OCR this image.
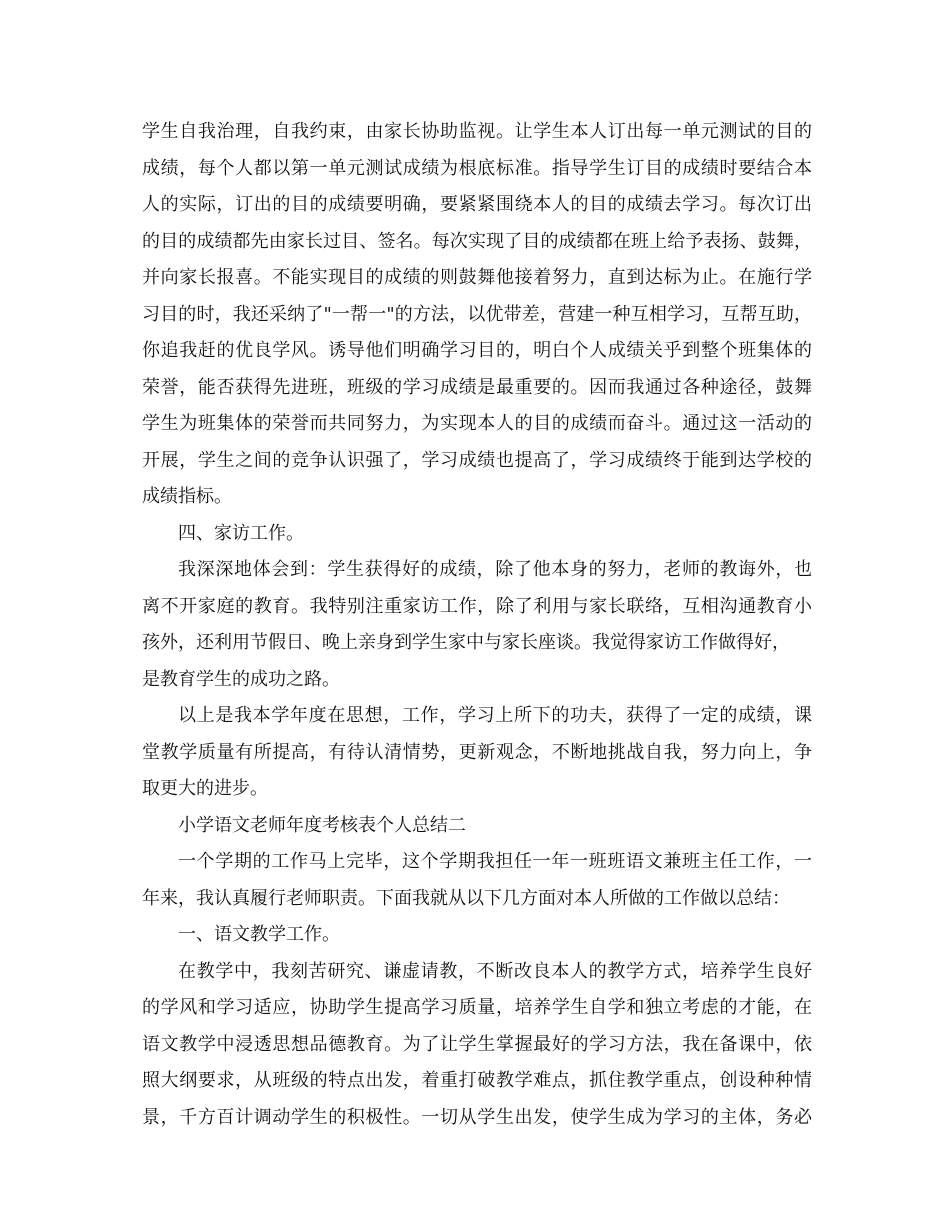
学生自我治理，自我约束，由家长协助监视。让学生本人订出每一单元测试的目的
成绩，每个人都以第一单元测试成绩为根底标准。指导学生订目的成绩时要结合本
人的实际，订出的目的成绩要明确，要紧紧围绕本人的目的成绩去学习。每次订出
的目的成绩都先由家长过目、签名。每次实现了目的成绩都在班上给予表扬、鼓舞，
并向家长报喜。不能实现目的成绩的则鼓舞他接着努力，直到达标为止。在施行学
习目的时，我还采纳了"一帮一"的方法，以优带差，营建一种互相学习，互帮互助，
你追我赶的优良学风。诱导他们明确学习目的，明白个人成绩关乎到整个班集体的
荣誉，能否获得先进班，班级的学习成绩是最重要的。因而我通过各种途径，鼓舞
学生为班集体的荣誉而共同努力，为实现本人的目的成绩而奋斗。通过这一活动的
开展，学生之间的竞争认识强了，学习成绩也提高了，学习成绩终于能到达学校的
成绩指标。
四、家访工作。
我深深地体会到：学生获得好的成绩，除了他本身的努力，老师的教诲外，也
离不开家庭的教育。我特别注重家访工作，除了利用与家长联络，互相沟通教育小
孩外，还利用节假日、晚上亲身到学生家中与家长座谈。我觉得家访工作做得好，
是教育学生的成功之路。
以上是我本学年度在思想，工作，学习上所下的功夫，获得了一定的成绩，课
堂教学质量有所提高，有待认清情势，更新观念，不断地挑战自我，努力向上，争
取更大的进步。
小学语文老师年度考核表个人总结二
一个学期的工作马上完毕，这个学期我担任一年一班班语文兼班主任工作，一
年来，我认真履行老师职责。下面我就从以下几方面对本人所做的工作做以总结：
一、语文教学工作。
在教学中，我刻苦研究、谦虚请教，不断改良本人的教学方式，培养学生良好
的学风和学习适应，协助学生提高学习质量，培养学生自学和独立考虑的才能，在
语文教学中浸透思想品德教育。为了让学生掌握最好的学习方法，我在备课中，依
照大纲要求，从班级的特点出发，着重打破教学难点，抓住教学重点，创设种种情
景，千方百计调动学生的积极性。一切从学生出发，使学生成为学习的主体，务必
